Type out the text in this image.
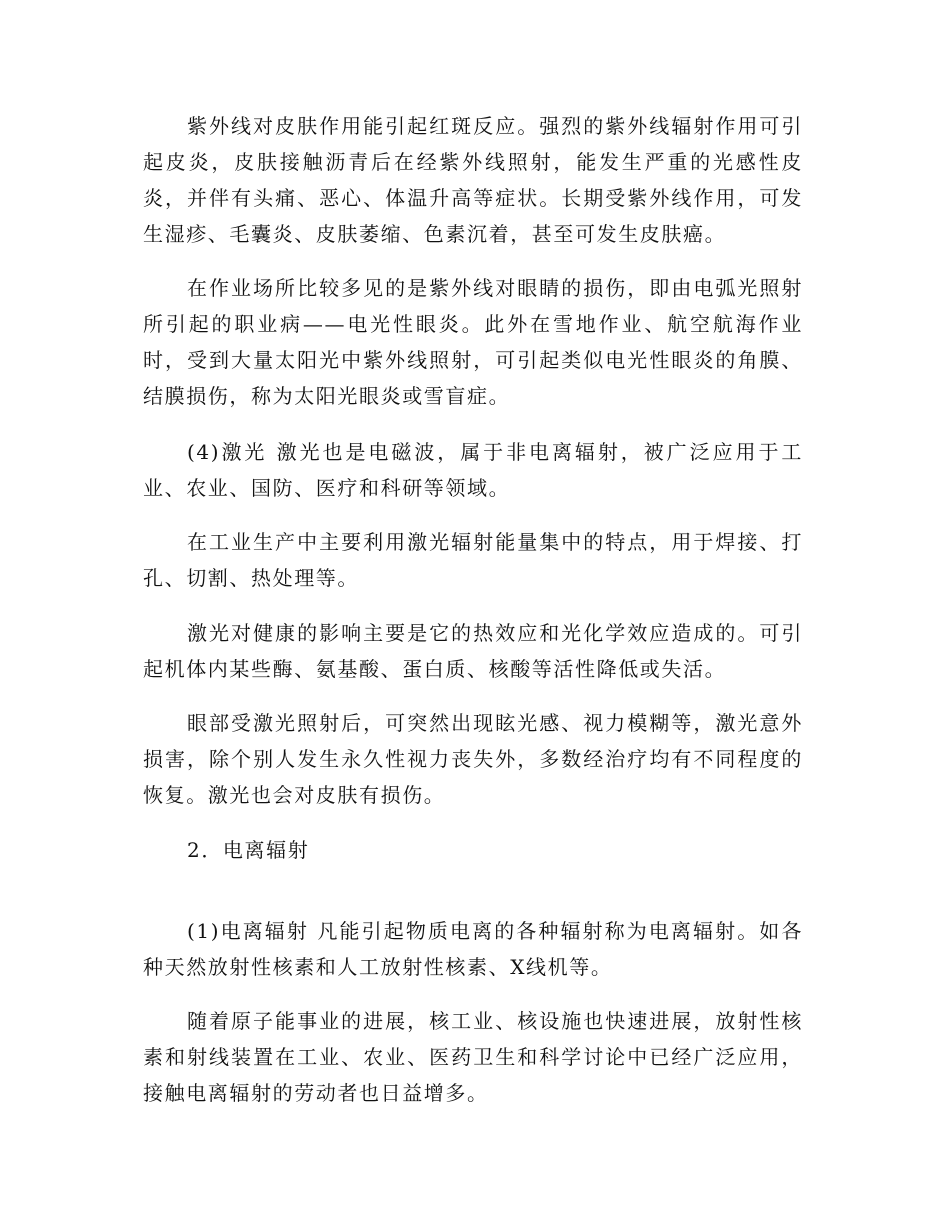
紫外线对皮肤作用能引起红斑反应。强烈的紫外线辐射作用可引起皮炎，皮肤接触沥青后在经紫外线照射，能发生严重的光感性皮炎，并伴有头痛、恶心、体温升高等症状。长期受紫外线作用，可发生湿疹、毛囊炎、皮肤萎缩、色素沉着，甚至可发生皮肤癌。

在作业场所比较多见的是紫外线对眼睛的损伤，即由电弧光照射所引起的职业病——电光性眼炎。此外在雪地作业、航空航海作业时，受到大量太阳光中紫外线照射，可引起类似电光性眼炎的角膜、结膜损伤，称为太阳光眼炎或雪盲症。

(4)激光 激光也是电磁波，属于非电离辐射，被广泛应用于工业、农业、国防、医疗和科研等领域。

在工业生产中主要利用激光辐射能量集中的特点，用于焊接、打孔、切割、热处理等。

激光对健康的影响主要是它的热效应和光化学效应造成的。可引起机体内某些酶、氨基酸、蛋白质、核酸等活性降低或失活。

眼部受激光照射后，可突然出现眩光感、视力模糊等，激光意外损害，除个别人发生永久性视力丧失外，多数经治疗均有不同程度的恢复。激光也会对皮肤有损伤。

2．电离辐射

(1)电离辐射 凡能引起物质电离的各种辐射称为电离辐射。如各种天然放射性核素和人工放射性核素、X线机等。

随着原子能事业的进展，核工业、核设施也快速进展，放射性核素和射线装置在工业、农业、医药卫生和科学讨论中已经广泛应用，接触电离辐射的劳动者也日益增多。
